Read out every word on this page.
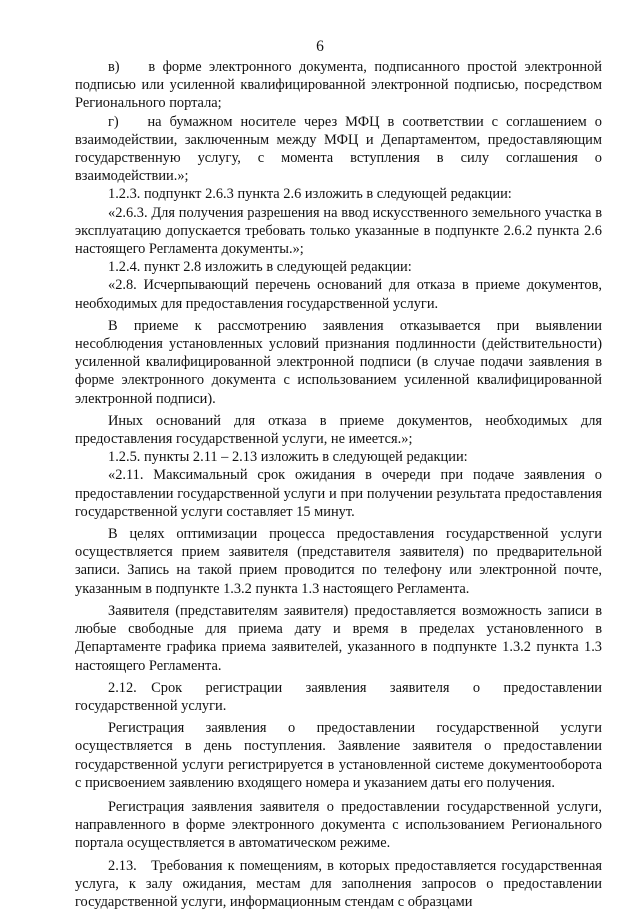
6

в)  в форме электронного документа, подписанного простой электронной подписью или усиленной квалифицированной электронной подписью, посредством Регионального портала;

г)  на бумажном носителе через МФЦ в соответствии с соглашением о взаимодействии, заключенным между МФЦ и Департаментом, предоставляющим государственную услугу, с момента вступления в силу соглашения о взаимодействии.»;

1.2.3. подпункт 2.6.3 пункта 2.6 изложить в следующей редакции:

«2.6.3. Для получения разрешения на ввод искусственного земельного участка в эксплуатацию допускается требовать только указанные в подпункте 2.6.2 пункта 2.6 настоящего Регламента документы.»;

1.2.4. пункт 2.8 изложить в следующей редакции:

«2.8. Исчерпывающий перечень оснований для отказа в приеме документов, необходимых для предоставления государственной услуги.

В приеме к рассмотрению заявления отказывается при выявлении несоблюдения установленных условий признания подлинности (действительности) усиленной квалифицированной электронной подписи (в случае подачи заявления в форме электронного документа с использованием усиленной квалифицированной электронной подписи).

Иных оснований для отказа в приеме документов, необходимых для предоставления государственной услуги, не имеется.»;

1.2.5. пункты 2.11 – 2.13 изложить в следующей редакции:

«2.11. Максимальный срок ожидания в очереди при подаче заявления о предоставлении государственной услуги и при получении результата предоставления государственной услуги составляет 15 минут.

В целях оптимизации процесса предоставления государственной услуги осуществляется прием заявителя (представителя заявителя) по предварительной записи. Запись на такой прием проводится по телефону или электронной почте, указанным в подпункте 1.3.2 пункта 1.3 настоящего Регламента.

Заявителя (представителям заявителя) предоставляется возможность записи в любые свободные для приема дату и время в пределах установленного в Департаменте графика приема заявителей, указанного в подпункте 1.3.2 пункта 1.3 настоящего Регламента.

2.12. Срок регистрации заявления заявителя о предоставлении государственной услуги.

Регистрация заявления о предоставлении государственной услуги осуществляется в день поступления. Заявление заявителя о предоставлении государственной услуги регистрируется в установленной системе документооборота с присвоением заявлению входящего номера и указанием даты его получения.

Регистрация заявления заявителя о предоставлении государственной услуги, направленного в форме электронного документа с использованием Регионального портала осуществляется в автоматическом режиме.

2.13. Требования к помещениям, в которых предоставляется государственная услуга, к залу ожидания, местам для заполнения запросов о предоставлении государственной услуги, информационным стендам с образцами
